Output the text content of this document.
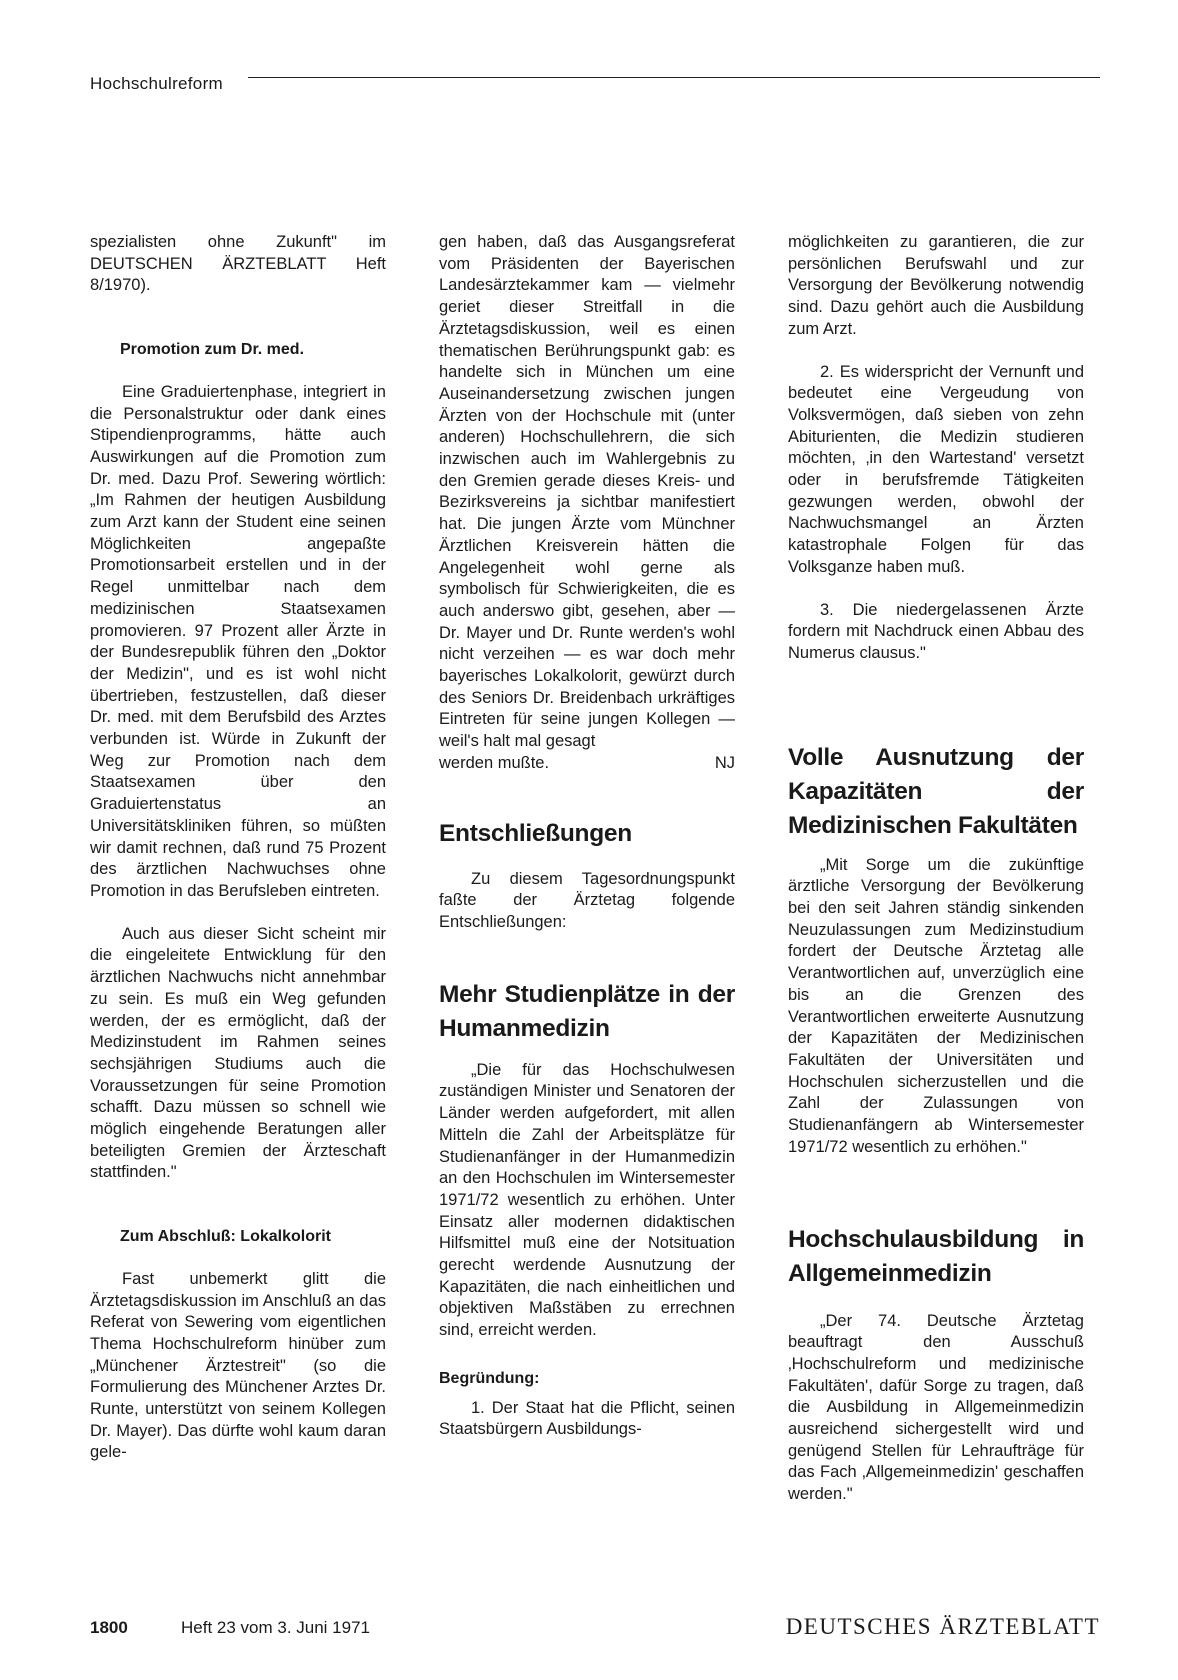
Hochschulreform

spezialisten ohne Zukunft" im DEUTSCHEN ÄRZTEBLATT Heft 8/1970).

Promotion zum Dr. med.

Eine Graduiertenphase, integriert in die Personalstruktur oder dank eines Stipendienprogramms, hätte auch Auswirkungen auf die Promotion zum Dr. med. Dazu Prof. Sewering wörtlich: „Im Rahmen der heutigen Ausbildung zum Arzt kann der Student eine seinen Möglichkeiten angepaßte Promotionsarbeit erstellen und in der Regel unmittelbar nach dem medizinischen Staatsexamen promovieren. 97 Prozent aller Ärzte in der Bundesrepublik führen den „Doktor der Medizin", und es ist wohl nicht übertrieben, festzustellen, daß dieser Dr. med. mit dem Berufsbild des Arztes verbunden ist. Würde in Zukunft der Weg zur Promotion nach dem Staatsexamen über den Graduiertenstatus an Universitätskliniken führen, so müßten wir damit rechnen, daß rund 75 Prozent des ärztlichen Nachwuchses ohne Promotion in das Berufsleben eintreten.

Auch aus dieser Sicht scheint mir die eingeleitete Entwicklung für den ärztlichen Nachwuchs nicht annehmbar zu sein. Es muß ein Weg gefunden werden, der es ermöglicht, daß der Medizinstudent im Rahmen seines sechsjährigen Studiums auch die Voraussetzungen für seine Promotion schafft. Dazu müssen so schnell wie möglich eingehende Beratungen aller beteiligten Gremien der Ärzteschaft stattfinden."

Zum Abschluß: Lokalkolorit

Fast unbemerkt glitt die Ärztetagsdiskussion im Anschluß an das Referat von Sewering vom eigentlichen Thema Hochschulreform hinüber zum „Münchener Ärztestreit" (so die Formulierung des Münchener Arztes Dr. Runte, unterstützt von seinem Kollegen Dr. Mayer). Das dürfte wohl kaum daran gele-

gen haben, daß das Ausgangsreferat vom Präsidenten der Bayerischen Landesärztekammer kam — vielmehr geriet dieser Streitfall in die Ärztetagsdiskussion, weil es einen thematischen Berührungspunkt gab: es handelte sich in München um eine Auseinandersetzung zwischen jungen Ärzten von der Hochschule mit (unter anderen) Hochschullehrern, die sich inzwischen auch im Wahlergebnis zu den Gremien gerade dieses Kreis- und Bezirksvereins ja sichtbar manifestiert hat. Die jungen Ärzte vom Münchner Ärztlichen Kreisverein hätten die Angelegenheit wohl gerne als symbolisch für Schwierigkeiten, die es auch anderswo gibt, gesehen, aber — Dr. Mayer und Dr. Runte werden's wohl nicht verzeihen — es war doch mehr bayerisches Lokalkolorit, gewürzt durch des Seniors Dr. Breidenbach urkräftiges Eintreten für seine jungen Kollegen — weil's halt mal gesagt

werden mußte.	NJ

Entschließungen

Zu diesem Tagesordnungspunkt faßte der Ärztetag folgende Entschließungen:

Mehr Studienplätze in der Humanmedizin

„Die für das Hochschulwesen zuständigen Minister und Senatoren der Länder werden aufgefordert, mit allen Mitteln die Zahl der Arbeitsplätze für Studienanfänger in der Humanmedizin an den Hochschulen im Wintersemester 1971/72 wesentlich zu erhöhen. Unter Einsatz aller modernen didaktischen Hilfsmittel muß eine der Notsituation gerecht werdende Ausnutzung der Kapazitäten, die nach einheitlichen und objektiven Maßstäben zu errechnen sind, erreicht werden.

Begründung:

1. Der Staat hat die Pflicht, seinen Staatsbürgern Ausbildungs-

möglichkeiten zu garantieren, die zur persönlichen Berufswahl und zur Versorgung der Bevölkerung notwendig sind. Dazu gehört auch die Ausbildung zum Arzt.

2. Es widerspricht der Vernunft und bedeutet eine Vergeudung von Volksvermögen, daß sieben von zehn Abiturienten, die Medizin studieren möchten, ‚in den Wartestand' versetzt oder in berufsfremde Tätigkeiten gezwungen werden, obwohl der Nachwuchsmangel an Ärzten katastrophale Folgen für das Volksganze haben muß.

3. Die niedergelassenen Ärzte fordern mit Nachdruck einen Abbau des Numerus clausus."

Volle Ausnutzung der Kapazitäten der Medizinischen Fakultäten

„Mit Sorge um die zukünftige ärztliche Versorgung der Bevölkerung bei den seit Jahren ständig sinkenden Neuzulassungen zum Medizinstudium fordert der Deutsche Ärztetag alle Verantwortlichen auf, unverzüglich eine bis an die Grenzen des Verantwortlichen erweiterte Ausnutzung der Kapazitäten der Medizinischen Fakultäten der Universitäten und Hochschulen sicherzustellen und die Zahl der Zulassungen von Studienanfängern ab Wintersemester 1971/72 wesentlich zu erhöhen."

Hochschulausbildung in Allgemeinmedizin

„Der 74. Deutsche Ärztetag beauftragt den Ausschuß ‚Hochschulreform und medizinische Fakultäten', dafür Sorge zu tragen, daß die Ausbildung in Allgemeinmedizin ausreichend sichergestellt wird und genügend Stellen für Lehraufträge für das Fach ‚Allgemeinmedizin' geschaffen werden."

1800	Heft 23 vom 3. Juni 1971	DEUTSCHES ÄRZTEBLATT
